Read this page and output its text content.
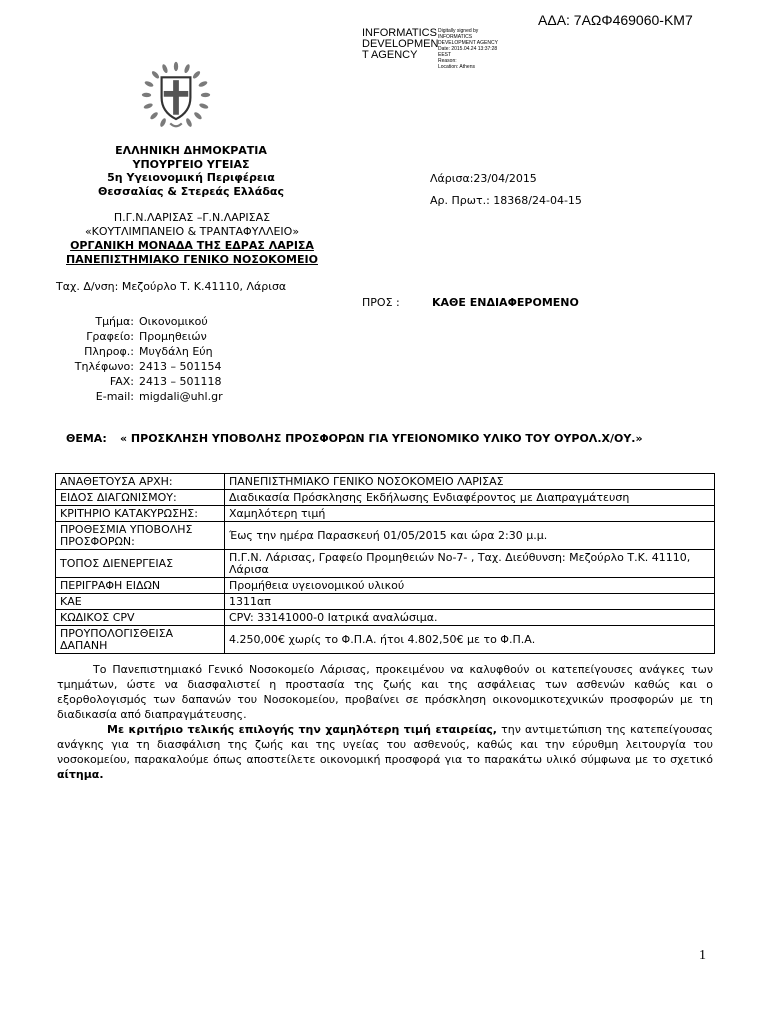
ΑΔΑ: 7ΑΩΦ469060-ΚΜ7
INFORMATICS
DEVELOPMEN
T AGENCY
Digitally signed by
INFORMATICS
DEVELOPMENT AGENCY
Date: 2015.04.24 13:37:28
EEST
Reason:
Location: Athens
ΕΛΛΗΝΙΚΗ ΔΗΜΟΚΡΑΤΙΑ
ΥΠΟΥΡΓΕΙΟ ΥΓΕΙΑΣ
5η Υγειονομική Περιφέρεια
Θεσσαλίας & Στερεάς Ελλάδας
Λάρισα:23/04/2015
Αρ. Πρωτ.: 18368/24-04-15
Π.Γ.Ν.ΛΑΡΙΣΑΣ –Γ.Ν.ΛΑΡΙΣΑΣ
«ΚΟΥΤΛΙΜΠΑΝΕΙΟ & ΤΡΑΝΤΑΦΥΛΛΕΙΟ»
ΟΡΓΑΝΙΚΗ ΜΟΝΑΔΑ ΤΗΣ ΕΔΡΑΣ ΛΑΡΙΣΑ
ΠΑΝΕΠΙΣΤΗΜΙΑΚΟ ΓΕΝΙΚΟ ΝΟΣΟΚΟΜΕΙΟ
Ταχ. Δ/νση: Μεζούρλο Τ. Κ.41110, Λάρισα
ΠΡΟΣ :	ΚΑΘΕ ΕΝΔΙΑΦΕΡΟΜΕΝΟ
Τμήμα:	Οικονομικού
Γραφείο:	Προμηθειών
Πληροφ.:	Μυγδάλη Εύη
Τηλέφωνο:	2413 – 501154
FAX:	2413 – 501118
E-mail:	migdali@uhl.gr
ΘΕΜΑ: « ΠΡΟΣΚΛΗΣΗ ΥΠΟΒΟΛΗΣ ΠΡΟΣΦΟΡΩΝ ΓΙΑ ΥΓΕΙΟΝΟΜΙΚΟ ΥΛΙΚΟ ΤΟΥ ΟΥΡΟΛ.Χ/ΟΥ.»
ΑΝΑΘΕΤΟΥΣΑ ΑΡΧΗ:	ΠΑΝΕΠΙΣΤΗΜΙΑΚΟ ΓΕΝΙΚΟ ΝΟΣΟΚΟΜΕΙΟ ΛΑΡΙΣΑΣ
ΕΙΔΟΣ ΔΙΑΓΩΝΙΣΜΟΥ:	Διαδικασία Πρόσκλησης Εκδήλωσης Ενδιαφέροντος με Διαπραγμάτευση
ΚΡΙΤΗΡΙΟ ΚΑΤΑΚΥΡΩΣΗΣ:	Χαμηλότερη τιμή
ΠΡΟΘΕΣΜΙΑ ΥΠΟΒΟΛΗΣ ΠΡΟΣΦΟΡΩΝ:	Έως την ημέρα Παρασκευή 01/05/2015 και ώρα 2:30 μ.μ.
ΤΟΠΟΣ ΔΙΕΝΕΡΓΕΙΑΣ	Π.Γ.Ν. Λάρισας, Γραφείο Προμηθειών Νο-7- , Ταχ. Διεύθυνση: Μεζούρλο Τ.Κ. 41110, Λάρισα
ΠΕΡΙΓΡΑΦΗ ΕΙΔΩΝ	Προμήθεια υγειονομικού υλικού
ΚΑΕ	1311απ
ΚΩΔΙΚΟΣ CPV	CPV: 33141000-0 Ιατρικά αναλώσιμα.
ΠΡΟΥΠΟΛΟΓΙΣΘΕΙΣΑ ΔΑΠΑΝΗ	4.250,00€ χωρίς το Φ.Π.Α. ήτοι 4.802,50€ με το Φ.Π.Α.

Το Πανεπιστημιακό Γενικό Νοσοκομείο Λάρισας, προκειμένου να καλυφθούν οι κατεπείγουσες ανάγκες των τμημάτων, ώστε να διασφαλιστεί η προστασία της ζωής και της ασφάλειας των ασθενών καθώς και ο εξορθολογισμός των δαπανών του Νοσοκομείου, προβαίνει σε πρόσκληση οικονομικοτεχνικών προσφορών με τη διαδικασία από διαπραγμάτευσης.

Με κριτήριο τελικής επιλογής την χαμηλότερη τιμή εταιρείας, την αντιμετώπιση της κατεπείγουσας ανάγκης για τη διασφάλιση της ζωής και της υγείας του ασθενούς, καθώς και την εύρυθμη λειτουργία του νοσοκομείου, παρακαλούμε όπως αποστείλετε οικονομική προσφορά για το παρακάτω υλικό σύμφωνα με το σχετικό αίτημα.

1
